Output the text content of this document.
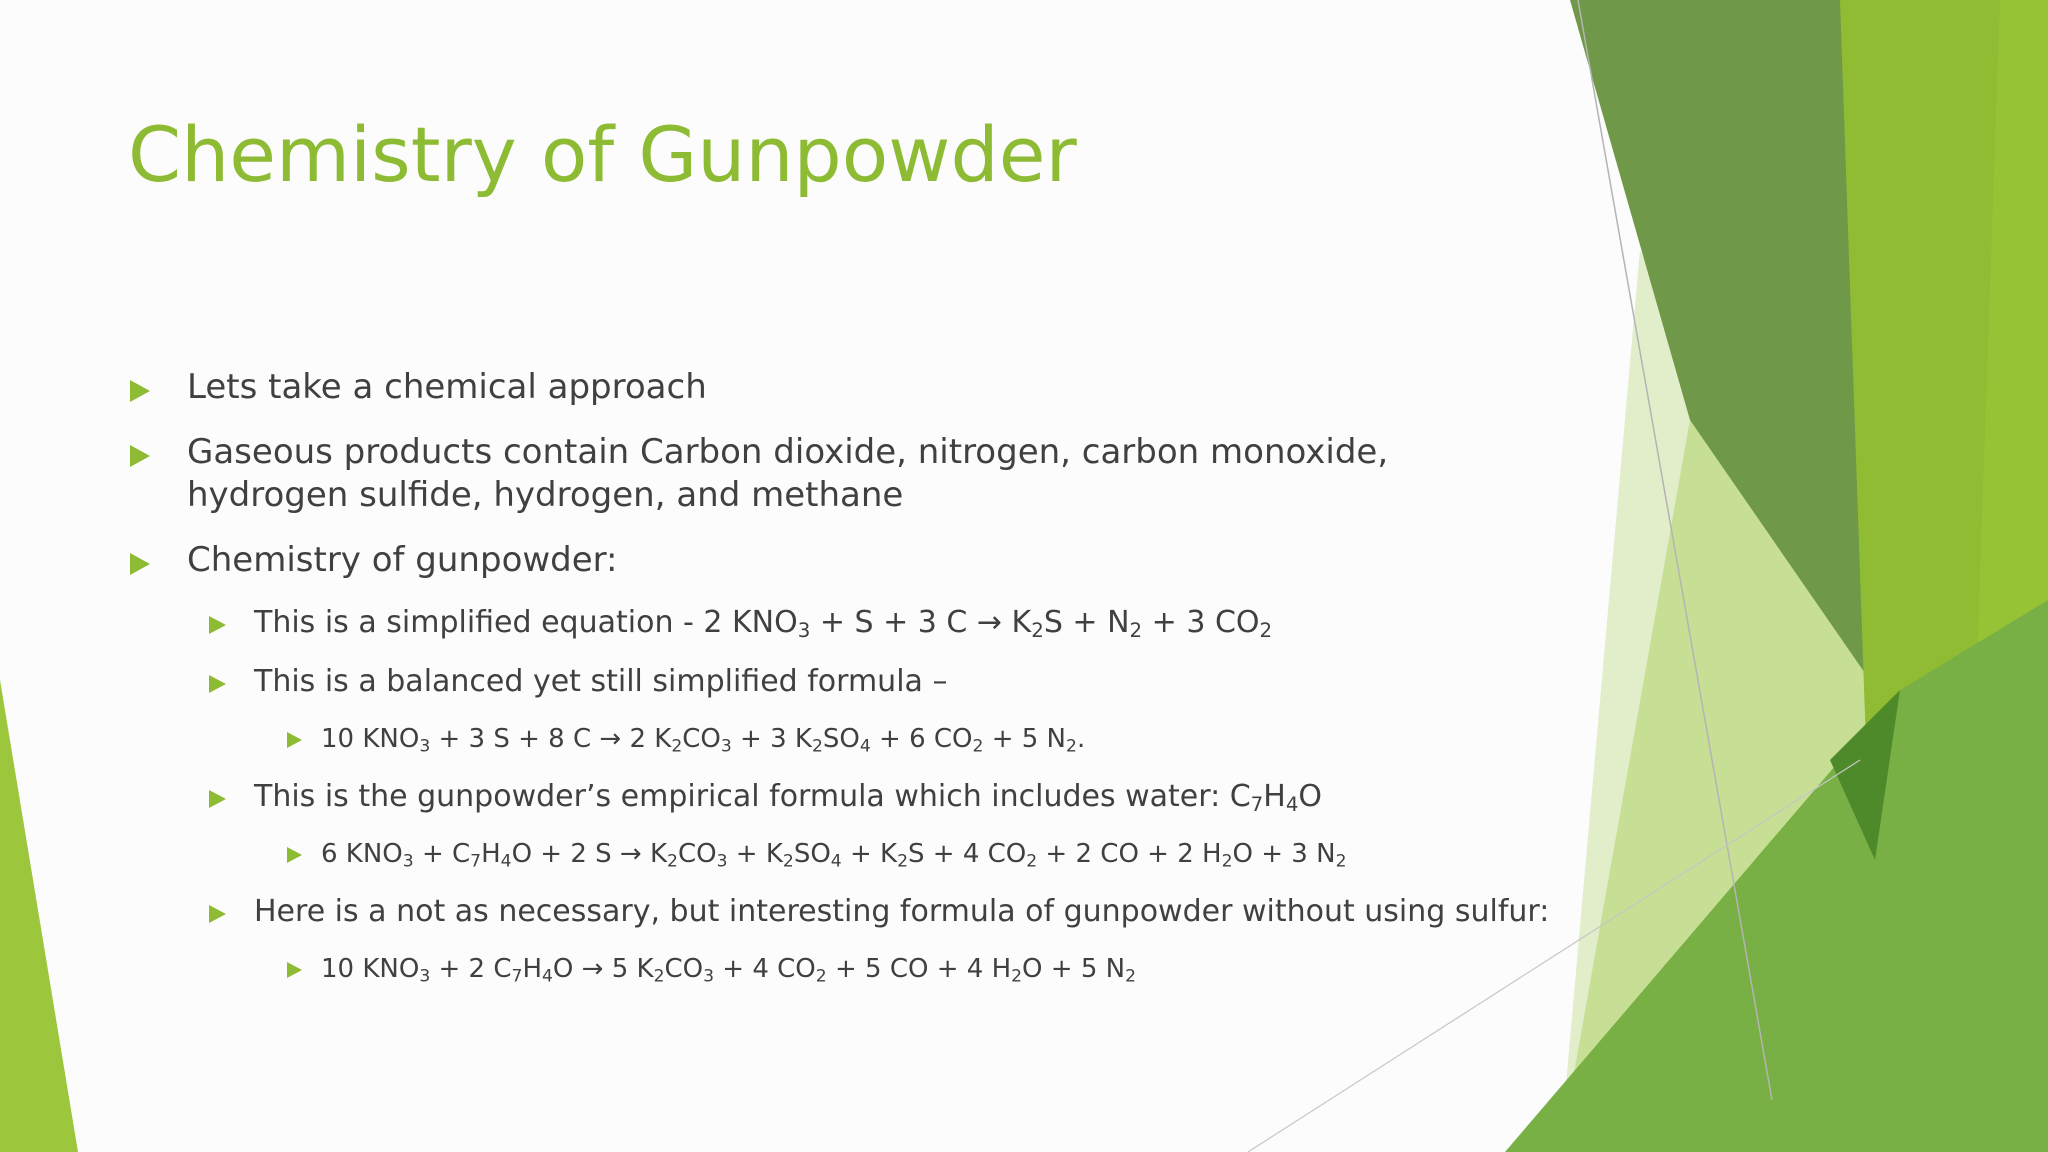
Chemistry of Gunpowder

Lets take a chemical approach

Gaseous products contain Carbon dioxide, nitrogen, carbon monoxide, hydrogen sulfide, hydrogen, and methane

Chemistry of gunpowder:

This is a simplified equation - 2 $KNO_3 + S + 3$ $C \to K_2S + N_2 + 3$ $CO_2$

This is a balanced yet still simplified formula –

10 $KNO_3 + 3$ S + 8 C → 2 $K_2CO_3 + 3$ $K_2SO_4 + 6$ $CO_2 + 5$ $N_2$.

This is the gunpowder’s empirical formula which includes water: $C_7H_4O$

6 $KNO_3 + C_7H_4O + 2$ $S \to K_2CO_3 + K_2SO_4 + K_2S + 4$ $CO_2 + 2$ CO + 2 $H_2O + 3$ $N_2$

Here is a not as necessary, but interesting formula of gunpowder without using sulfur:

10 $KNO_3 + 2$ $C_7H_4O \to 5$ $K_2CO_3 + 4$ $CO_2 + 5$ CO + 4 $H_2O + 5$ $N_2$
